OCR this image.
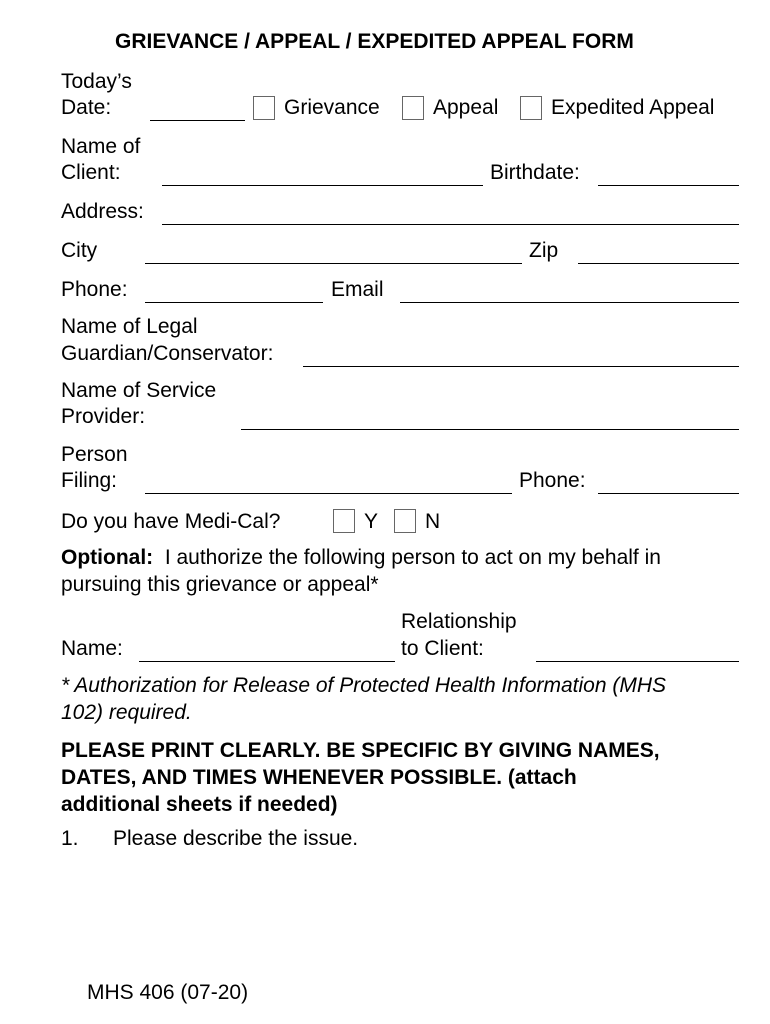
GRIEVANCE / APPEAL / EXPEDITED APPEAL FORM
Today’s
Date:	Grievance	Appeal	Expedited Appeal
Name of
Client:	Birthdate:
Address:
City	Zip
Phone:	Email
Name of Legal
Guardian/Conservator:
Name of Service
Provider:
Person
Filing:	Phone:
Do you have Medi-Cal?	Y N
Optional:  I authorize the following person to act on my behalf in
pursuing this grievance or appeal*
Relationship
Name:	to Client:
* Authorization for Release of Protected Health Information (MHS
102) required.
PLEASE PRINT CLEARLY. BE SPECIFIC BY GIVING NAMES,
DATES, AND TIMES WHENEVER POSSIBLE. (attach
additional sheets if needed)
1. Please describe the issue.
MHS 406 (07-20)
